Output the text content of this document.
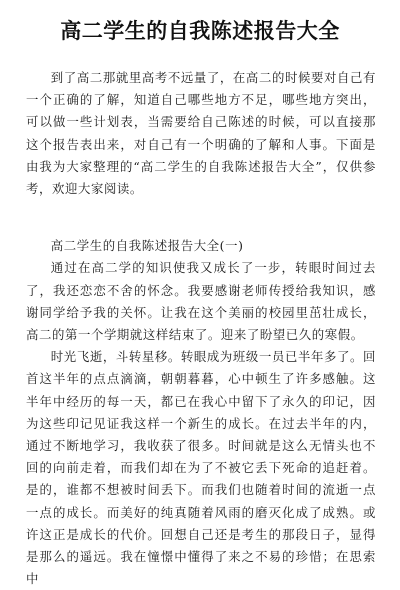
高二学生的自我陈述报告大全

到了高二那就里高考不远量了，在高二的时候要对自己有一个正确的了解，知道自己哪些地方不足，哪些地方突出，可以做一些计划表，当需要给自己陈述的时候，可以直接那这个报告表出来，对自己有一个明确的了解和人事。下面是由我为大家整理的“高二学生的自我陈述报告大全”，仅供参考，欢迎大家阅读。

高二学生的自我陈述报告大全(一)

通过在高二学的知识使我又成长了一步，转眼时间过去了，我还恋恋不舍的怀念。我要感谢老师传授给我知识，感谢同学给予我的关怀。让我在这个美丽的校园里茁壮成长，高二的第一个学期就这样结束了。迎来了盼望已久的寒假。

时光飞逝，斗转星移。转眼成为班级一员已半年多了。回首这半年的点点滴滴，朝朝暮暮，心中顿生了许多感触。这半年中经历的每一天，都已在我心中留下了永久的印记，因为这些印记见证我这样一个新生的成长。在过去半年的内，通过不断地学习，我收获了很多。时间就是这么无情头也不回的向前走着，而我们却在为了不被它丢下死命的追赶着。是的，谁都不想被时间丢下。而我们也随着时间的流逝一点一点的成长。而美好的纯真随着风雨的磨灭化成了成熟。或许这正是成长的代价。回想自己还是考生的那段日子，显得是那么的遥远。我在憧憬中懂得了来之不易的珍惜；在思索中
